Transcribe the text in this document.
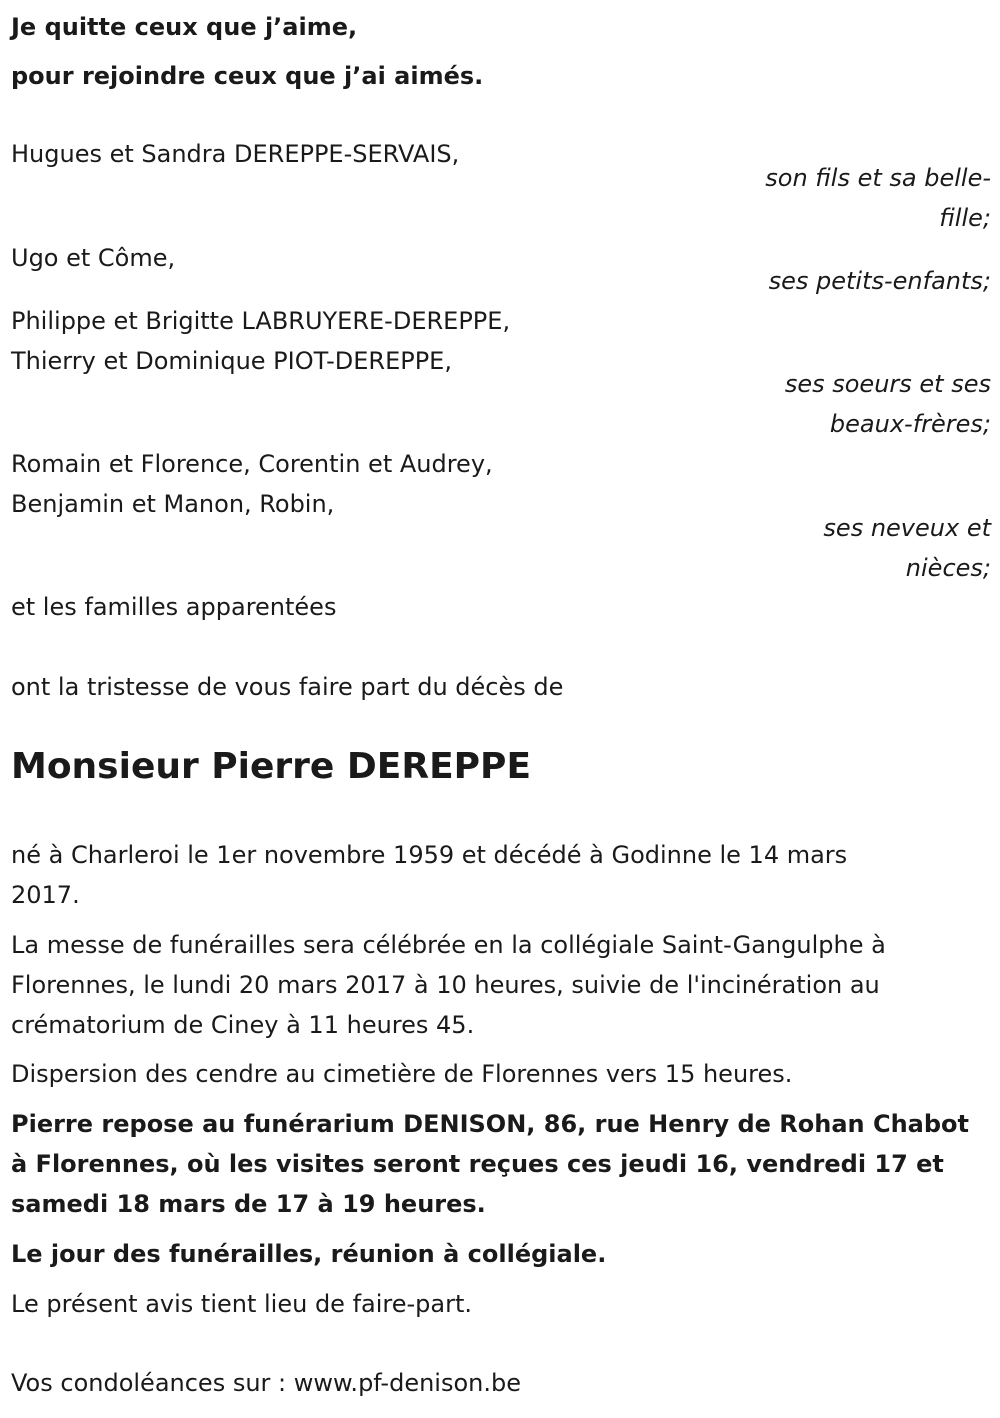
Je quitte ceux que j’aime,
pour rejoindre ceux que j’ai aimés.
Hugues et Sandra DEREPPE-SERVAIS,
son fils et sa belle-
fille;
Ugo et Côme,
ses petits-enfants;
Philippe et Brigitte LABRUYERE-DEREPPE,
Thierry et Dominique PIOT-DEREPPE,
ses soeurs et ses
beaux-frères;
Romain et Florence, Corentin et Audrey,
Benjamin et Manon, Robin,
ses neveux et
nièces;
et les familles apparentées
ont la tristesse de vous faire part du décès de
Monsieur Pierre DEREPPE
né à Charleroi le 1er novembre 1959 et décédé à Godinne le 14 mars
2017.
La messe de funérailles sera célébrée en la collégiale Saint-Gangulphe à
Florennes, le lundi 20 mars 2017 à 10 heures, suivie de l'incinération au
crématorium de Ciney à 11 heures 45.
Dispersion des cendre au cimetière de Florennes vers 15 heures.
Pierre repose au funérarium DENISON, 86, rue Henry de Rohan Chabot
à Florennes, où les visites seront reçues ces jeudi 16, vendredi 17 et
samedi 18 mars de 17 à 19 heures.
Le jour des funérailles, réunion à collégiale.
Le présent avis tient lieu de faire-part.
Vos condoléances sur : www.pf-denison.be
